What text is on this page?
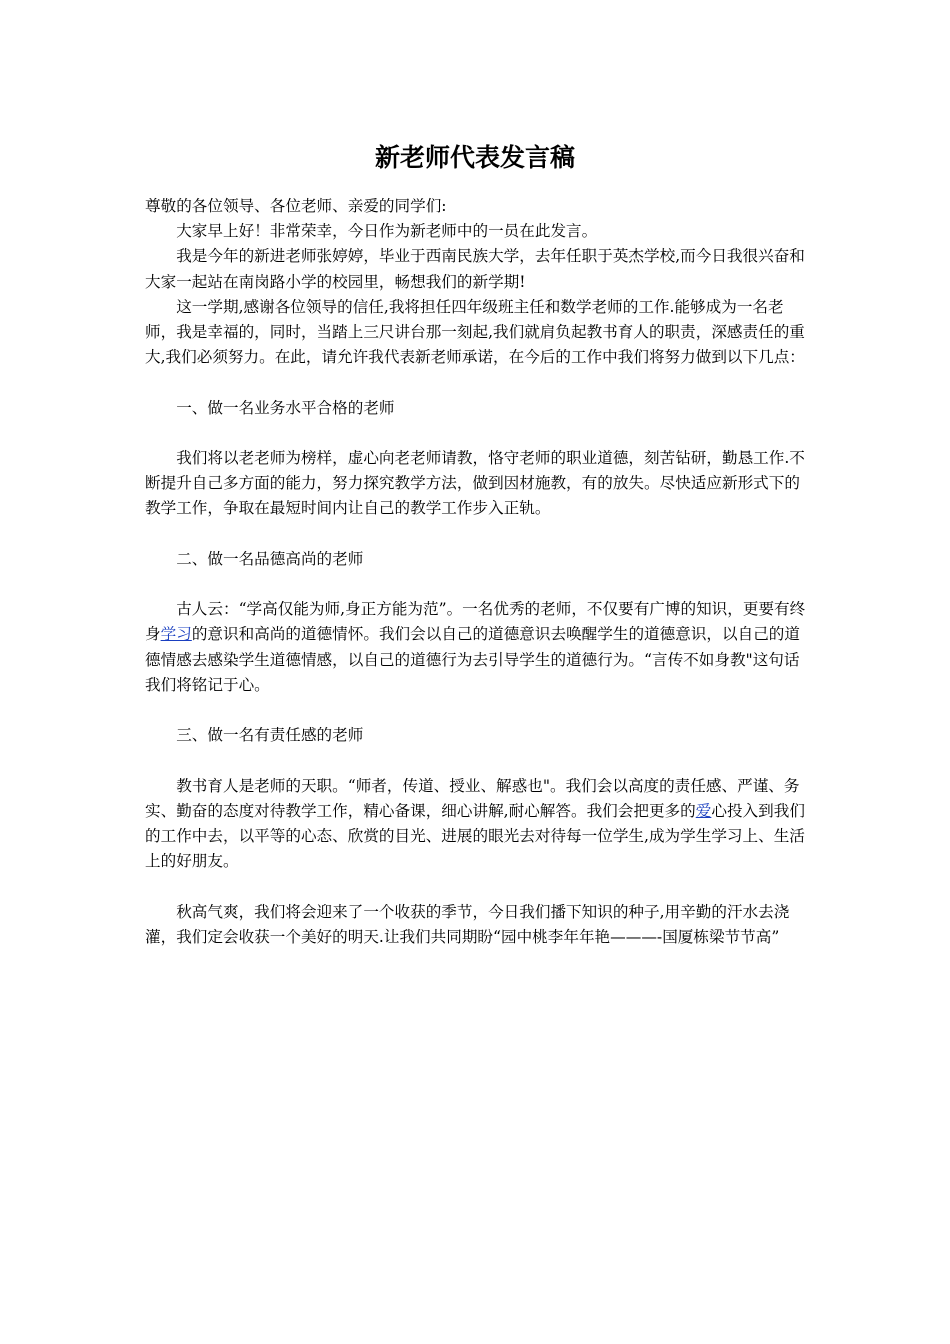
新老师代表发言稿

尊敬的各位领导、各位老师、亲爱的同学们:

大家早上好！非常荣幸，今日作为新老师中的一员在此发言。

我是今年的新进老师张婷婷，毕业于西南民族大学，去年任职于英杰学校,而今日我很兴奋和大家一起站在南岗路小学的校园里，畅想我们的新学期!

这一学期,感谢各位领导的信任,我将担任四年级班主任和数学老师的工作.能够成为一名老师，我是幸福的，同时，当踏上三尺讲台那一刻起,我们就肩负起教书育人的职责，深感责任的重大,我们必须努力。在此，请允许我代表新老师承诺，在今后的工作中我们将努力做到以下几点：

一、做一名业务水平合格的老师

我们将以老老师为榜样，虚心向老老师请教，恪守老师的职业道德，刻苦钻研，勤恳工作.不断提升自己多方面的能力，努力探究教学方法，做到因材施教，有的放失。尽快适应新形式下的教学工作，争取在最短时间内让自己的教学工作步入正轨。

二、做一名品德高尚的老师

古人云：“学高仅能为师,身正方能为范”。一名优秀的老师，不仅要有广博的知识，更要有终身学习的意识和高尚的道德情怀。我们会以自己的道德意识去唤醒学生的道德意识，以自己的道德情感去感染学生道德情感，以自己的道德行为去引导学生的道德行为。“言传不如身教"这句话我们将铭记于心。

三、做一名有责任感的老师

教书育人是老师的天职。“师者，传道、授业、解惑也"。我们会以高度的责任感、严谨、务实、勤奋的态度对待教学工作，精心备课，细心讲解,耐心解答。我们会把更多的爱心投入到我们的工作中去，以平等的心态、欣赏的目光、进展的眼光去对待每一位学生,成为学生学习上、生活上的好朋友。

秋高气爽，我们将会迎来了一个收获的季节，今日我们播下知识的种子,用辛勤的汗水去浇灌，我们定会收获一个美好的明天.让我们共同期盼“园中桃李年年艳———-国厦栋梁节节高”
